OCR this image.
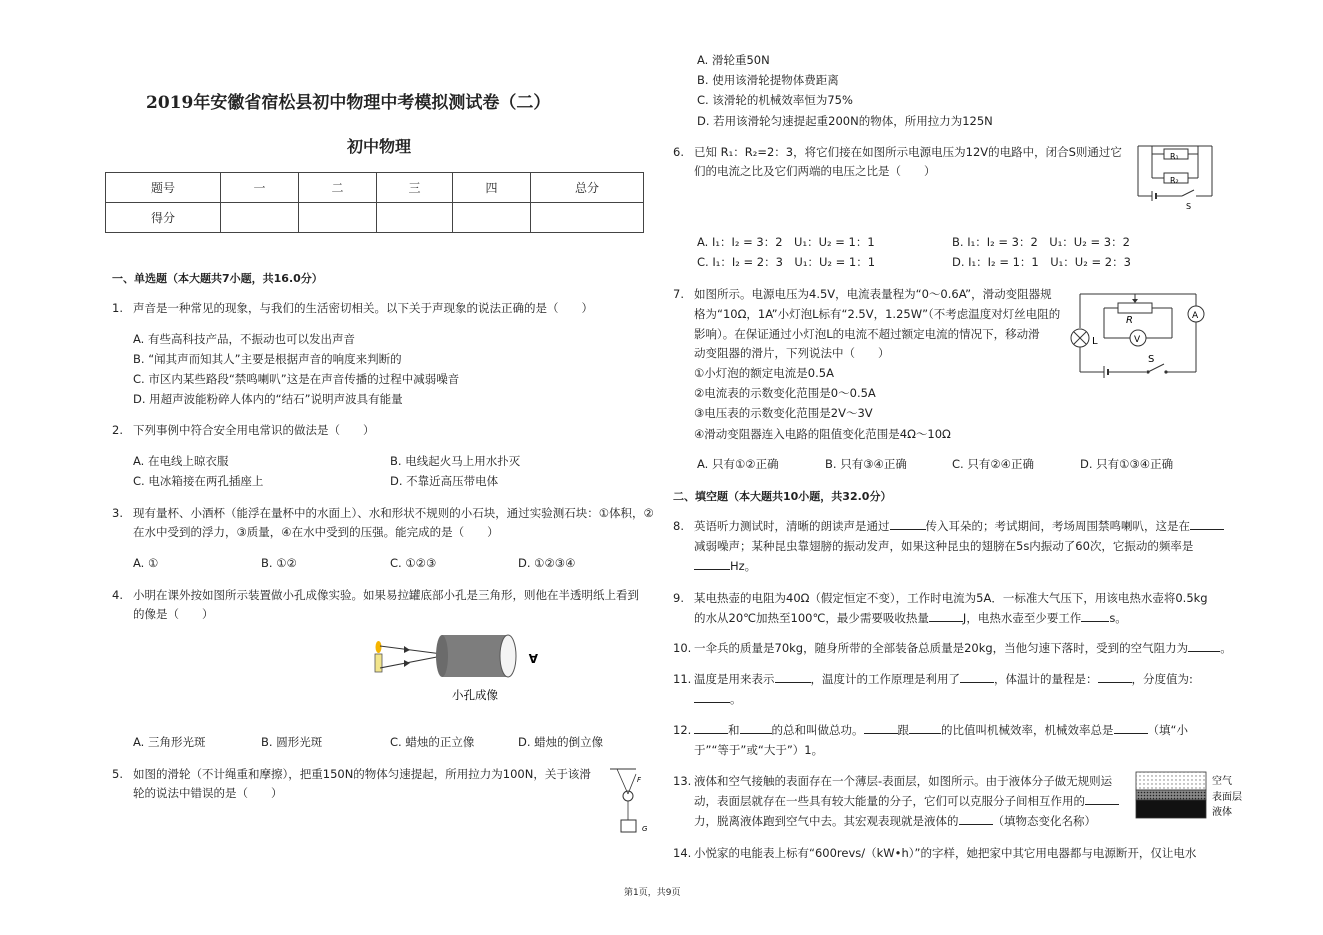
2019年安徽省宿松县初中物理中考模拟测试卷（二）
初中物理
题号	一	二	三	四	总分
得分					
一、单选题（本大题共7小题，共16.0分）
1. 声音是一种常见的现象，与我们的生活密切相关。以下关于声现象的说法正确的是（　　）
A. 有些高科技产品，不振动也可以发出声音
B. “闻其声而知其人”主要是根据声音的响度来判断的
C. 市区内某些路段“禁鸣喇叭”这是在声音传播的过程中减弱噪音
D. 用超声波能粉碎人体内的“结石”说明声波具有能量
2. 下列事例中符合安全用电常识的做法是（　　）
A. 在电线上晾衣服	B. 电线起火马上用水扑灭
C. 电冰箱接在两孔插座上	D. 不靠近高压带电体
3. 现有量杯、小酒杯（能浮在量杯中的水面上）、水和形状不规则的小石块，通过实验测石块：①体积，②
在水中受到的浮力，③质量，④在水中受到的压强。能完成的是（　　）
A. ①	B. ①②	C. ①②③	D. ①②③④
4. 小明在课外按如图所示装置做小孔成像实验。如果易拉罐底部小孔是三角形，则他在半透明纸上看到
的像是（　　）
A
小孔成像
A. 三角形光斑	B. 圆形光斑	C. 蜡烛的正立像	D. 蜡烛的倒立像
5. 如图的滑轮（不计绳重和摩擦），把重150N的物体匀速提起，所用拉力为100N，关于该滑
轮的说法中错误的是（　　）
F
G
第1页，共9页
A. 滑轮重50N
B. 使用该滑轮提物体费距离
C. 该滑轮的机械效率恒为75%
D. 若用该滑轮匀速提起重200N的物体，所用拉力为125N
6. 已知 R₁：R₂=2：3，将它们接在如图所示电源电压为12V的电路中，闭合S则通过它
们的电流之比及它们两端的电压之比是（　　）
R₁
R₂
S
A. I₁：I₂ = 3：2　U₁：U₂ = 1：1	B. I₁：I₂ = 3：2　U₁：U₂ = 3：2
C. I₁：I₂ = 2：3　U₁：U₂ = 1：1	D. I₁：I₂ = 1：1　U₁：U₂ = 2：3
7. 如图所示。电源电压为4.5V，电流表量程为“0～0.6A”，滑动变阻器规
格为“10Ω，1A”小灯泡L标有“2.5V，1.25W”（不考虑温度对灯丝电阻的
影响）。在保证通过小灯泡L的电流不超过额定电流的情况下，移动滑
动变阻器的滑片，下列说法中（　　）
①小灯泡的额定电流是0.5A
②电流表的示数变化范围是0～0.5A
③电压表的示数变化范围是2V～3V
④滑动变阻器连入电路的阻值变化范围是4Ω～10Ω
A
R
V
L
S
A. 只有①②正确	B. 只有③④正确	C. 只有②④正确	D. 只有①③④正确
二、填空题（本大题共10小题，共32.0分）
8. 英语听力测试时，清晰的朗读声是通过	传入耳朵的；考试期间，考场周围禁鸣喇叭，这是在
减弱噪声；某种昆虫靠翅膀的振动发声，如果这种昆虫的翅膀在5s内振动了60次，它振动的频率是
Hz。
9. 某电热壶的电阻为40Ω（假定恒定不变），工作时电流为5A．一标准大气压下，用该电热水壶将0.5kg
的水从20℃加热至100℃，最少需要吸收热量	J，电热水壶至少要工作 s。
10. 一伞兵的质量是70kg，随身所带的全部装备总质量是20kg，当他匀速下落时，受到的空气阻力为	。
11. 温度是用来表示	，温度计的工作原理是利用了	，体温计的量程是：	，分度值为:
。
12.	和	的总和叫做总功。	跟	的比值叫机械效率，机械效率总是	（填“小
于”“等于”或“大于”）1。
13. 液体和空气接触的表面存在一个薄层-表面层，如图所示。由于液体分子做无规则运
动，表面层就存在一些具有较大能量的分子，它们可以克服分子间相互作用的
力，脱离液体跑到空气中去。其宏观表现就是液体的	（填物态变化名称）
空气
表面层
液体
14. 小悦家的电能表上标有“600revs/（kW•h）”的字样，她把家中其它用电器都与电源断开，仅让电水
